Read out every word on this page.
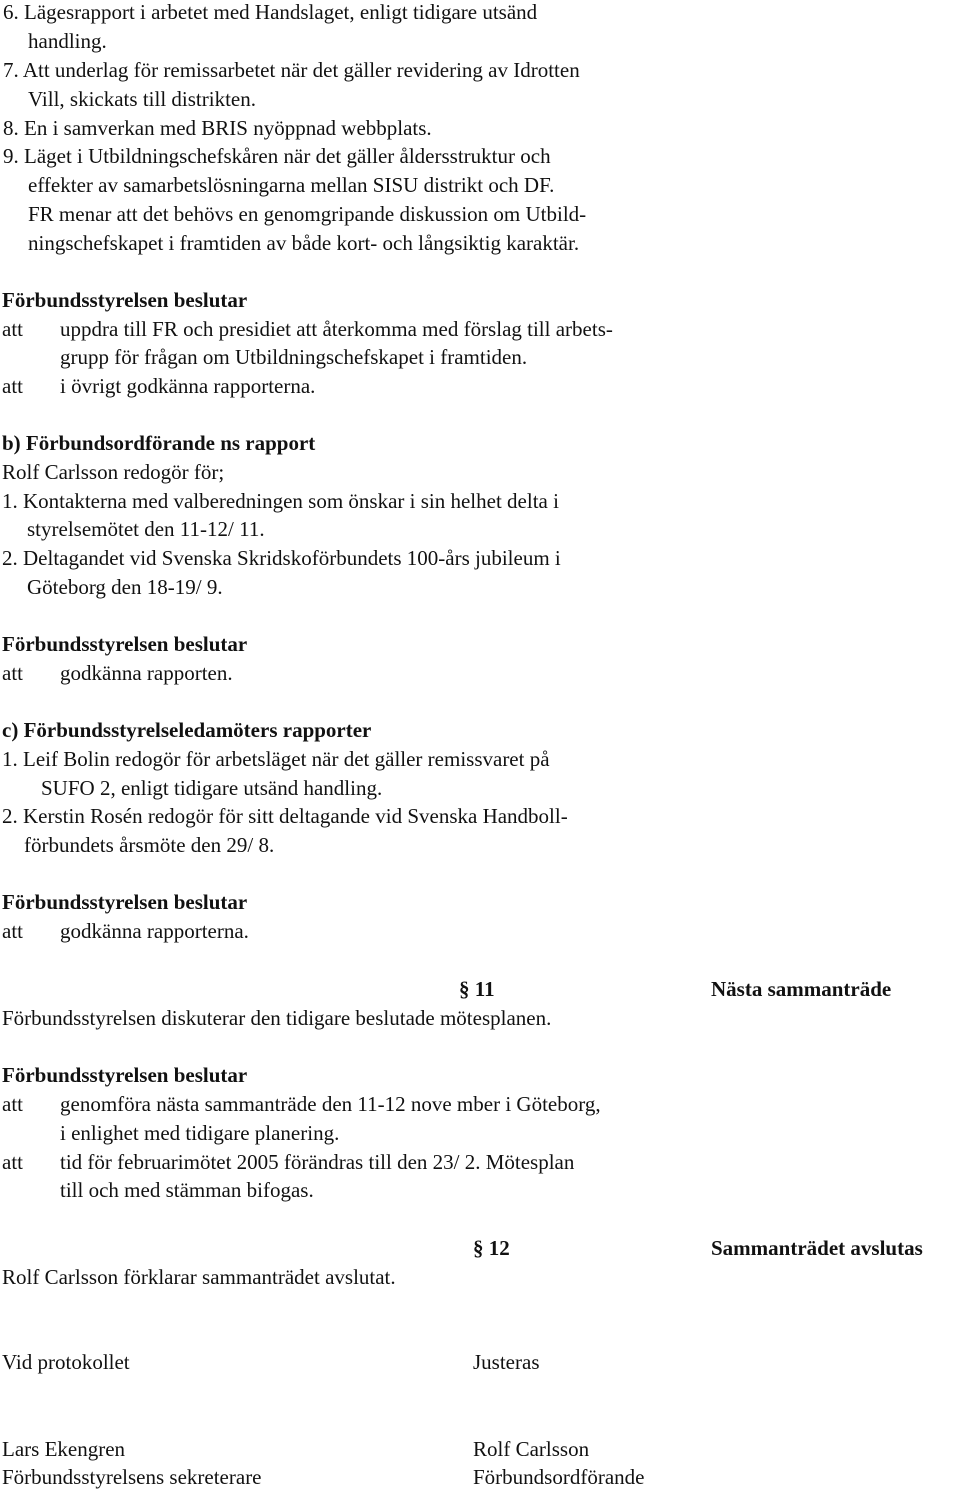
6. Lägesrapport i arbetet med Handslaget, enligt tidigare utsänd
handling.
7. Att underlag för remissarbetet när det gäller revidering av Idrotten
Vill, skickats till distrikten.
8. En i samverkan med BRIS nyöppnad webbplats.
9. Läget i Utbildningschefskåren när det gäller åldersstruktur och
effekter av samarbetslösningarna mellan SISU distrikt och DF.
FR menar att det behövs en genomgripande diskussion om Utbild-
ningschefskapet i framtiden av både kort- och långsiktig karaktär.
Förbundsstyrelsen beslutar
att uppdra till FR och presidiet att återkomma med förslag till arbets-
grupp för frågan om Utbildningschefskapet i framtiden.
att i övrigt godkänna rapporterna.
b) Förbundsordförande ns rapport
Rolf Carlsson redogör för;
1. Kontakterna med valberedningen som önskar i sin helhet delta i
styrelsemötet den 11-12/ 11.
2. Deltagandet vid Svenska Skridskoförbundets 100-års jubileum i
Göteborg den 18-19/ 9.
Förbundsstyrelsen beslutar
att godkänna rapporten.
c) Förbundsstyrelseledamöters rapporter
1. Leif Bolin redogör för arbetsläget när det gäller remissvaret på
SUFO 2, enligt tidigare utsänd handling.
2. Kerstin Rosén redogör för sitt deltagande vid Svenska Handboll-
förbundets årsmöte den 29/ 8.
Förbundsstyrelsen beslutar
att godkänna rapporterna.
§ 11	Nästa sammanträde
Förbundsstyrelsen diskuterar den tidigare beslutade mötesplanen.
Förbundsstyrelsen beslutar
att genomföra nästa sammanträde den 11-12 nove mber i Göteborg,
i enlighet med tidigare planering.
att tid för februarimötet 2005 förändras till den 23/ 2. Mötesplan
till och med stämman bifogas.
§ 12	Sammanträdet avslutas
Rolf Carlsson förklarar sammanträdet avslutat.
Vid protokollet	Justeras
Lars Ekengren	Rolf Carlsson
Förbundsstyrelsens sekreterare	Förbundsordförande
